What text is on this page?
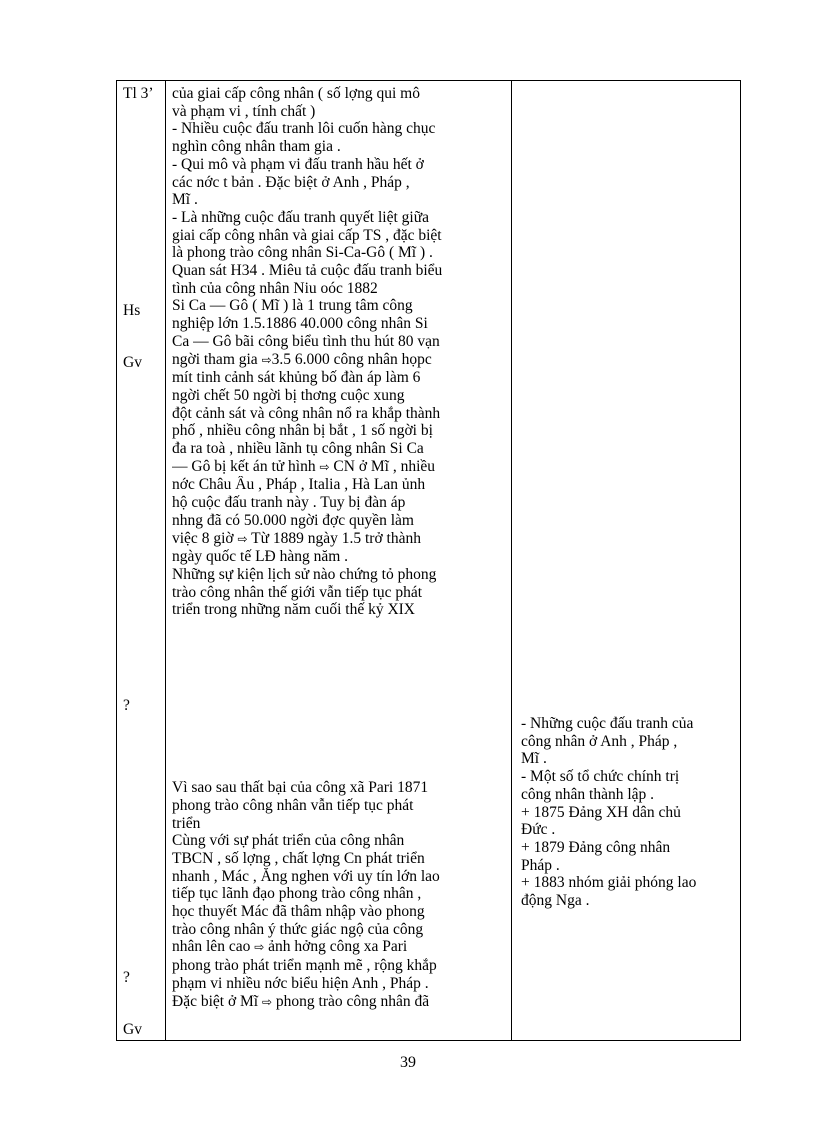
Tl 3’
Hs
Gv
?
?
Gv
của giai cấp công nhân ( số lợng qui mô
và phạm vi , tính chất )
- Nhiều cuộc đấu tranh lôi cuốn hàng chục
nghìn công nhân tham gia .
- Qui mô và phạm vi đấu tranh hầu hết ở
các nớc t bản . Đặc biệt ở Anh , Pháp ,
Mĩ .
- Là những cuộc đấu tranh quyết liệt giữa
giai cấp công nhân và giai cấp TS , đặc biệt
là phong trào công nhân Si-Ca-Gô ( Mĩ ) .
Quan sát H34 . Miêu tả cuộc đấu tranh biểu
tình của công nhân Niu oóc 1882
Si Ca — Gô ( Mĩ ) là 1 trung tâm công
nghiệp lớn 1.5.1886 40.000 công nhân Si
Ca — Gô bãi công biểu tình thu hút 80 vạn
ngời tham gia ⇨3.5 6.000 công nhân họpc
mít tinh cảnh sát khủng bố đàn áp làm 6
ngời chết 50 ngời bị thơng cuộc xung
đột cảnh sát và công nhân nổ ra khắp thành
phố , nhiều công nhân bị bắt , 1 số ngời bị
đa ra toà , nhiều lãnh tụ công nhân Si Ca
— Gô bị kết án tử hình ⇨ CN ở Mĩ , nhiều
nớc Châu Âu , Pháp , Italia , Hà Lan ủnh
hộ cuộc đấu tranh này . Tuy bị đàn áp
nhng đã có 50.000 ngời đợc quyền làm
việc 8 giờ ⇨ Từ 1889 ngày 1.5 trở thành
ngày quốc tế LĐ hàng năm .
Những sự kiện lịch sử nào chứng tỏ phong
trào công nhân thế giới vẫn tiếp tục phát
triển trong những năm cuối thế kỷ XIX
Vì sao sau thất bại của công xã Pari 1871
phong trào công nhân vẫn tiếp tục phát
triển
Cùng với sự phát triển của công nhân
TBCN , số lợng , chất lợng Cn phát triển
nhanh , Mác , Ăng nghen với uy tín lớn lao
tiếp tục lãnh đạo phong trào công nhân ,
học thuyết Mác đã thâm nhập vào phong
trào công nhân ý thức giác ngộ của công
nhân lên cao ⇨ ảnh hởng công xa Pari
phong trào phát triển mạnh mẽ , rộng khắp
phạm vi nhiều nớc biểu hiện Anh , Pháp .
Đặc biệt ở Mĩ ⇨ phong trào công nhân đã
- Những cuộc đấu tranh của
công nhân ở Anh , Pháp ,
Mĩ .
- Một số tổ chức chính trị
công nhân thành lập .
+ 1875 Đảng XH dân chủ
Đức .
+ 1879 Đảng công nhân
Pháp .
+ 1883 nhóm giải phóng lao
động Nga .
39
